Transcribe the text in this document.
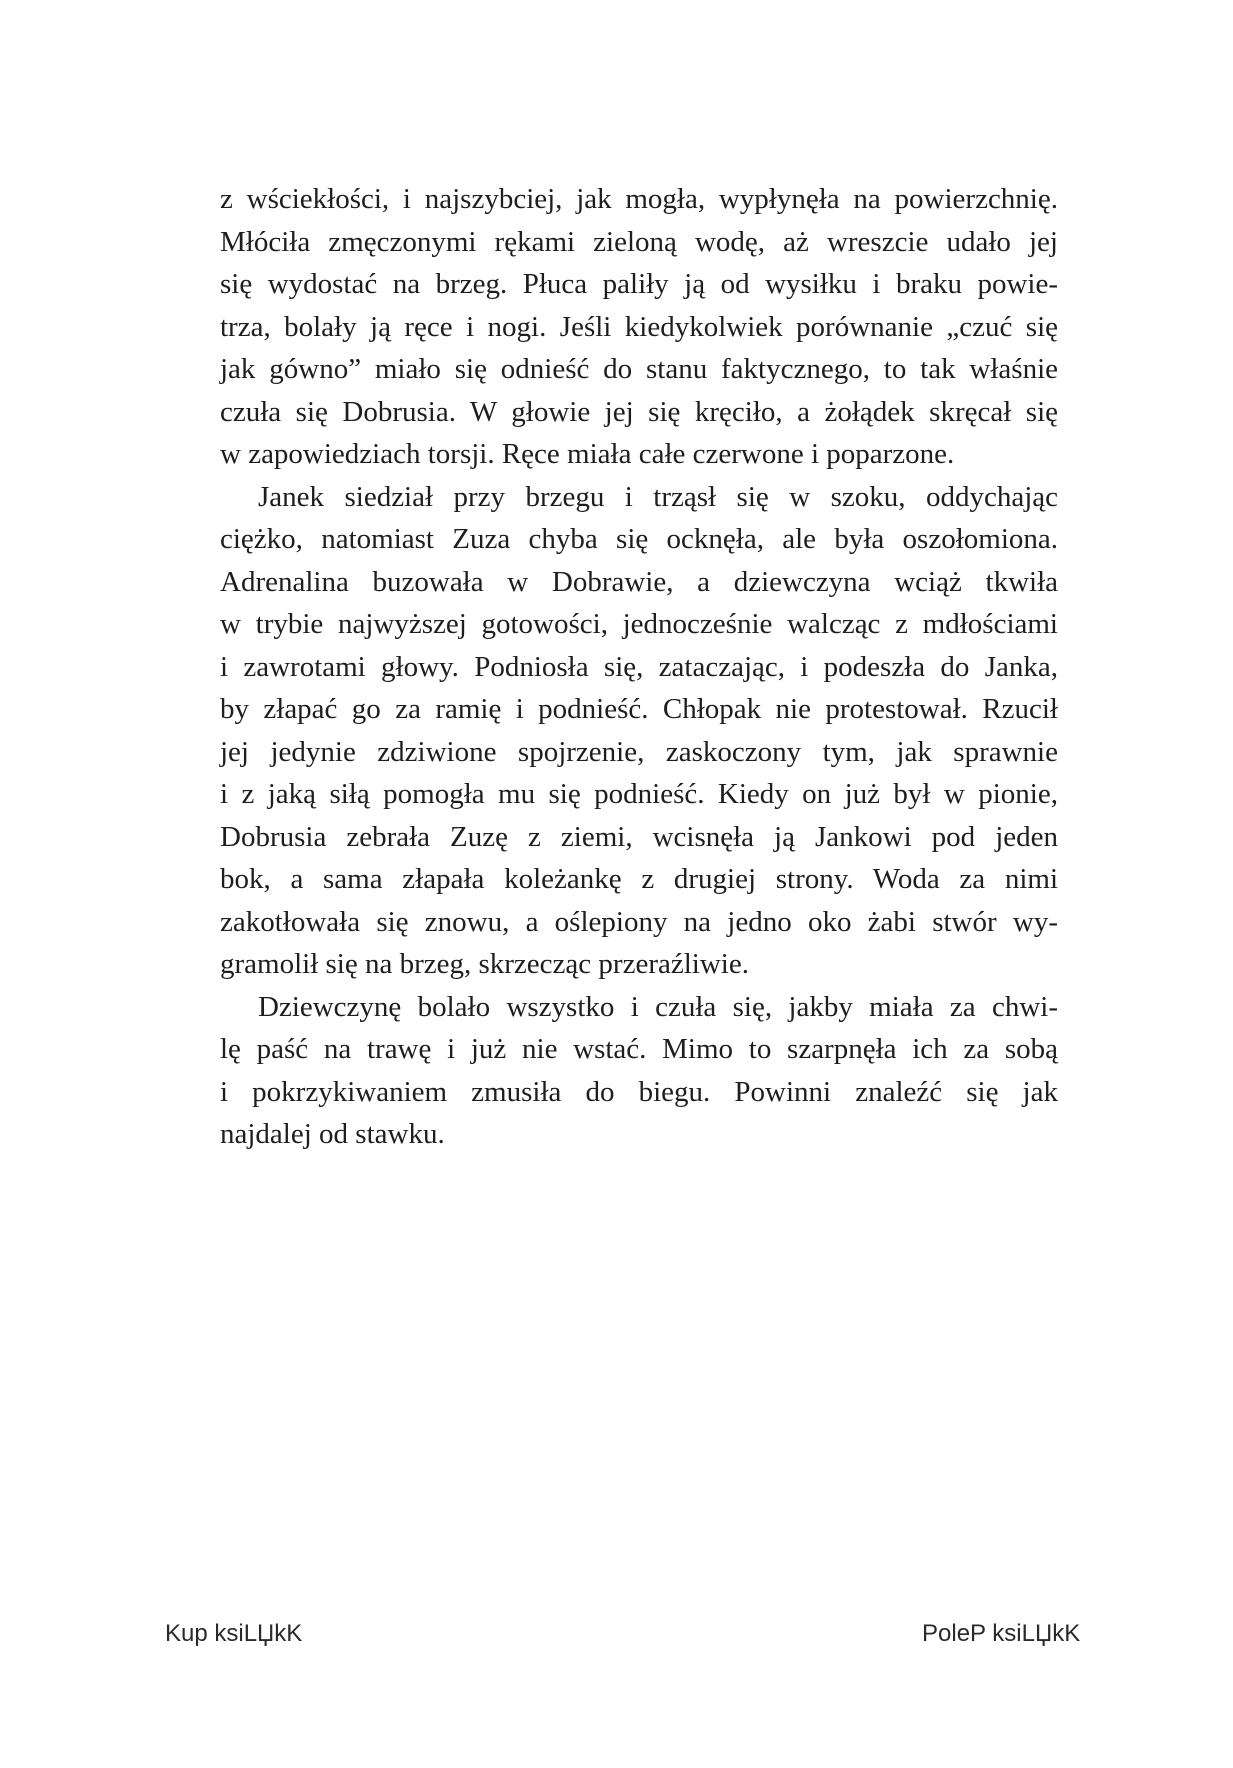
z wściekłości, i najszybciej, jak mogła, wypłynęła na powierzchnię.
Młóciła zmęczonymi rękami zieloną wodę, aż wreszcie udało jej
się wydostać na brzeg. Płuca paliły ją od wysiłku i braku powie-
trza, bolały ją ręce i nogi. Jeśli kiedykolwiek porównanie „czuć się
jak gówno” miało się odnieść do stanu faktycznego, to tak właśnie
czuła się Dobrusia. W głowie jej się kręciło, a żołądek skręcał się
w zapowiedziach torsji. Ręce miała całe czerwone i poparzone.
Janek siedział przy brzegu i trząsł się w szoku, oddychając
ciężko, natomiast Zuza chyba się ocknęła, ale była oszołomiona.
Adrenalina buzowała w Dobrawie, a dziewczyna wciąż tkwiła
w trybie najwyższej gotowości, jednocześnie walcząc z mdłościami
i zawrotami głowy. Podniosła się, zataczając, i podeszła do Janka,
by złapać go za ramię i podnieść. Chłopak nie protestował. Rzucił
jej jedynie zdziwione spojrzenie, zaskoczony tym, jak sprawnie
i z jaką siłą pomogła mu się podnieść. Kiedy on już był w pionie,
Dobrusia zebrała Zuzę z ziemi, wcisnęła ją Jankowi pod jeden
bok, a sama złapała koleżankę z drugiej strony. Woda za nimi
zakotłowała się znowu, a oślepiony na jedno oko żabi stwór wy-
gramolił się na brzeg, skrzecząc przeraźliwie.
Dziewczynę bolało wszystko i czuła się, jakby miała za chwi-
lę paść na trawę i już nie wstać. Mimo to szarpnęła ich za sobą
i pokrzykiwaniem zmusiła do biegu. Powinni znaleźć się jak
najdalej od stawku.
Kup ksiLЏkK	PoleP ksiLЏkK
